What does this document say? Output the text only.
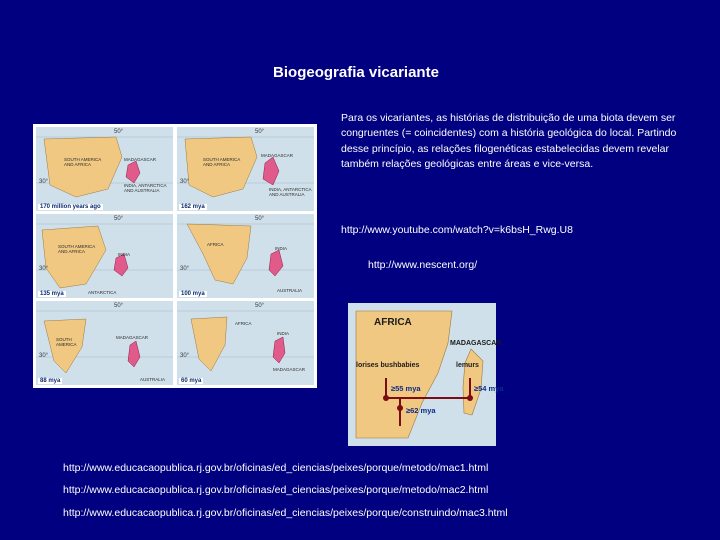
Biogeografia vicariante
Para os vicariantes, as histórias de distribuição de uma biota devem ser congruentes (= coincidentes) com a história geológica do local. Partindo desse princípio, as relações filogenéticas estabelecidas devem revelar também relações geológicas entre áreas e vice-versa.
http://www.youtube.com/watch?v=k6bsH_Rwg.U8
http://www.nescent.org/
50°
30°
SOUTH AMERICA
AND AFRICA
MADAGASCAR
INDIA, ANTARCTICA
AND AUSTRALIA
170 million years ago
50°
30°
SOUTH AMERICA
AND AFRICA
MADAGASCAR
INDIA, ANTARCTICA
AND AUSTRALIA
162 mya
50°
30°
SOUTH AMERICA
AND AFRICA
INDIA
ANTARCTICA
135 mya
50°
30°
AFRICA
INDIA
AUSTRALIA
100 mya
50°
30°
SOUTH
AMERICA
MADAGASCAR
AUSTRALIA
88 mya
50°
30°
AFRICA
INDIA
MADAGASCAR
60 mya
AFRICA
MADAGASCAR
lorises bushbabies	lemurs
≥55 mya	≥54 mya
≥62 mya
http://www.educacaopublica.rj.gov.br/oficinas/ed_ciencias/peixes/porque/metodo/mac1.html
http://www.educacaopublica.rj.gov.br/oficinas/ed_ciencias/peixes/porque/metodo/mac2.html
http://www.educacaopublica.rj.gov.br/oficinas/ed_ciencias/peixes/porque/construindo/mac3.html
